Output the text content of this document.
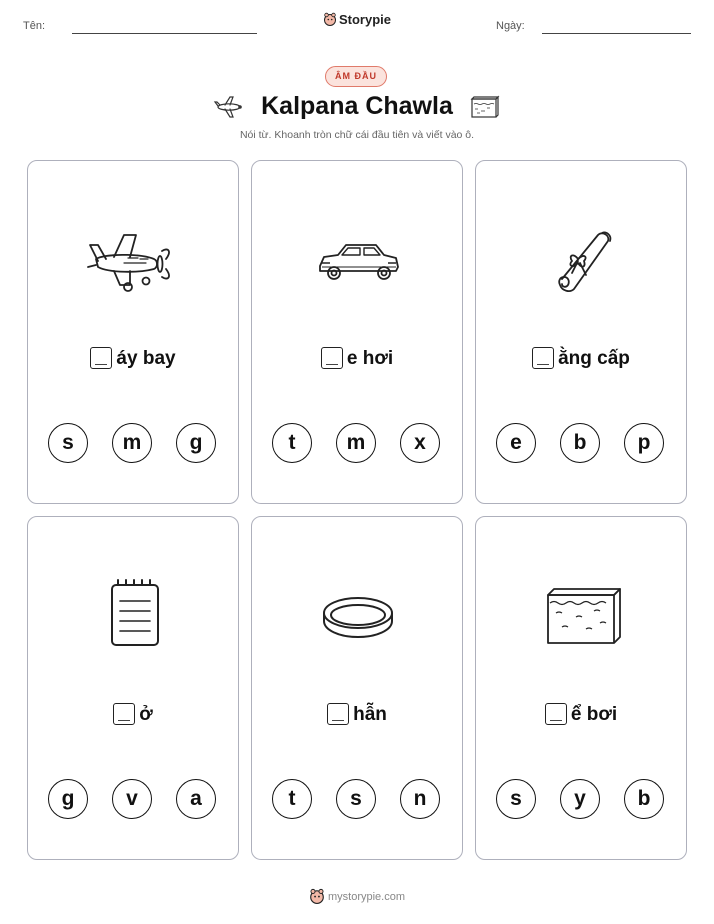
Tên:	Storypie	Ngày:
ÂM ĐẦU
Kalpana Chawla
Nói từ. Khoanh tròn chữ cái đầu tiên và viết vào ô.
áy bay
s	m	g
e hơi
t	m	x
ằng cấp
e	b	p
ở
g	v	a
hẫn
t	s	n
ể bơi
s	y	b
mystorypie.com
